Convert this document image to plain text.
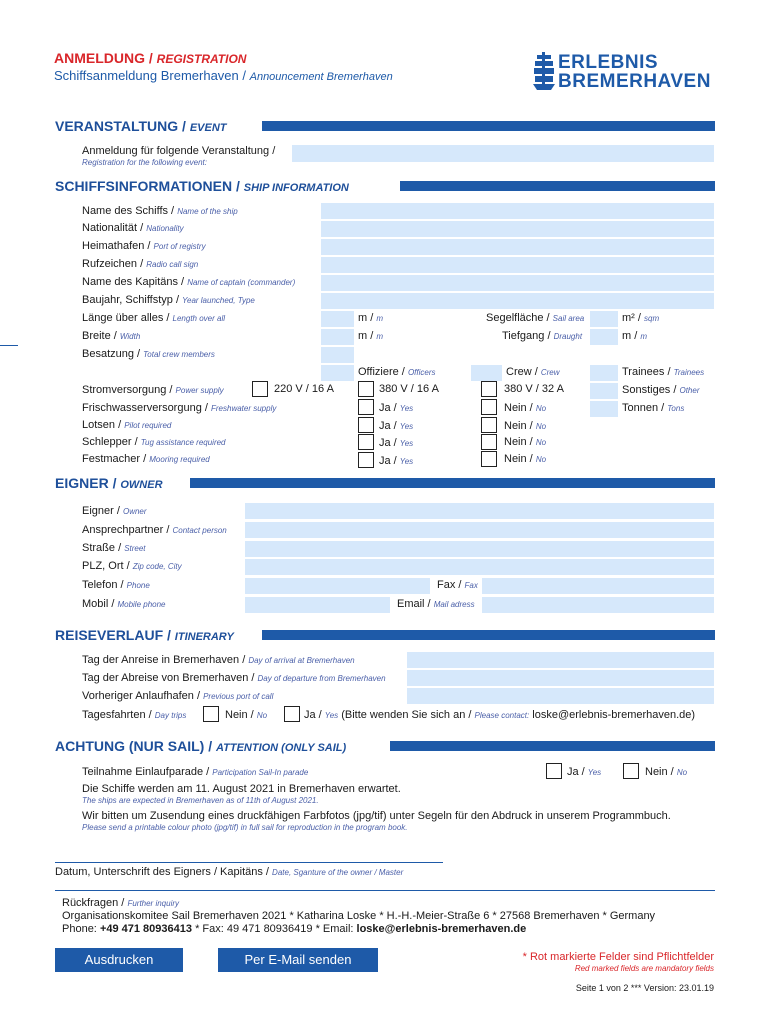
ANMELDUNG / REGISTRATION
Schiffsanmeldung Bremerhaven / Announcement Bremerhaven
ERLEBNIS
BREMERHAVEN
VERANSTALTUNG / EVENT
Anmeldung für folgende Veranstaltung /
Registration for the following event:
SCHIFFSINFORMATIONEN / SHIP INFORMATION
Name des Schiffs / Name of the ship
Nationalität / Nationality
Heimathafen / Port of registry
Rufzeichen / Radio call sign
Name des Kapitäns / Name of captain (commander)
Baujahr, Schiffstyp / Year launched, Type
Länge über alles / Length over all	m / m	Segelfläche / Sail area	m² / sqm
Breite / Width	m / m	Tiefgang / Draught	m / m
Besatzung / Total crew members
Offiziere / Officers	Crew / Crew	Trainees / Trainees
Stromversorgung / Power supply	220 V / 16 A	380 V / 16 A	380 V / 32 A	Sonstiges / Other
Frischwasserversorgung / Freshwater supply	Ja / Yes	Nein / No	Tonnen / Tons
Lotsen / Pilot required	Ja / Yes	Nein / No
Schlepper / Tug assistance required	Ja / Yes	Nein / No
Festmacher / Mooring required	Ja / Yes	Nein / No
EIGNER / OWNER
Eigner / Owner
Ansprechpartner / Contact person
Straße / Street
PLZ, Ort / Zip code, City
Telefon / Phone	Fax / Fax
Mobil / Mobile phone	Email / Mail adress
REISEVERLAUF / ITINERARY
Tag der Anreise in Bremerhaven / Day of arrival at Bremerhaven
Tag der Abreise von Bremerhaven / Day of departure from Bremerhaven
Vorheriger Anlaufhafen / Previous port of call
Tagesfahrten / Day trips	Nein / No	Ja / Yes (Bitte wenden Sie sich an / Please contact: loske@erlebnis-bremerhaven.de)
ACHTUNG (NUR SAIL) / ATTENTION (ONLY SAIL)
Teilnahme Einlaufparade / Participation Sail-In parade	Ja / Yes	Nein / No
Die Schiffe werden am 11. August 2021 in Bremerhaven erwartet.
The ships are expected in Bremerhaven as of 11th of August 2021.
Wir bitten um Zusendung eines druckfähigen Farbfotos (jpg/tif) unter Segeln für den Abdruck in unserem Programmbuch.
Please send a printable colour photo (jpg/tif) in full sail for reproduction in the program book.
Datum, Unterschrift des Eigners / Kapitäns / Date, Sganture of the owner / Master
Rückfragen / Further inquiry
Organisationskomitee Sail Bremerhaven 2021 * Katharina Loske * H.-H.-Meier-Straße 6 * 27568 Bremerhaven * Germany
Phone: +49 471 80936413 * Fax: 49 471 80936419 * Email: loske@erlebnis-bremerhaven.de
Ausdrucken	Per E-Mail senden	* Rot markierte Felder sind Pflichtfelder
Red marked fields are mandatory fields
Seite 1 von 2 *** Version: 23.01.19
